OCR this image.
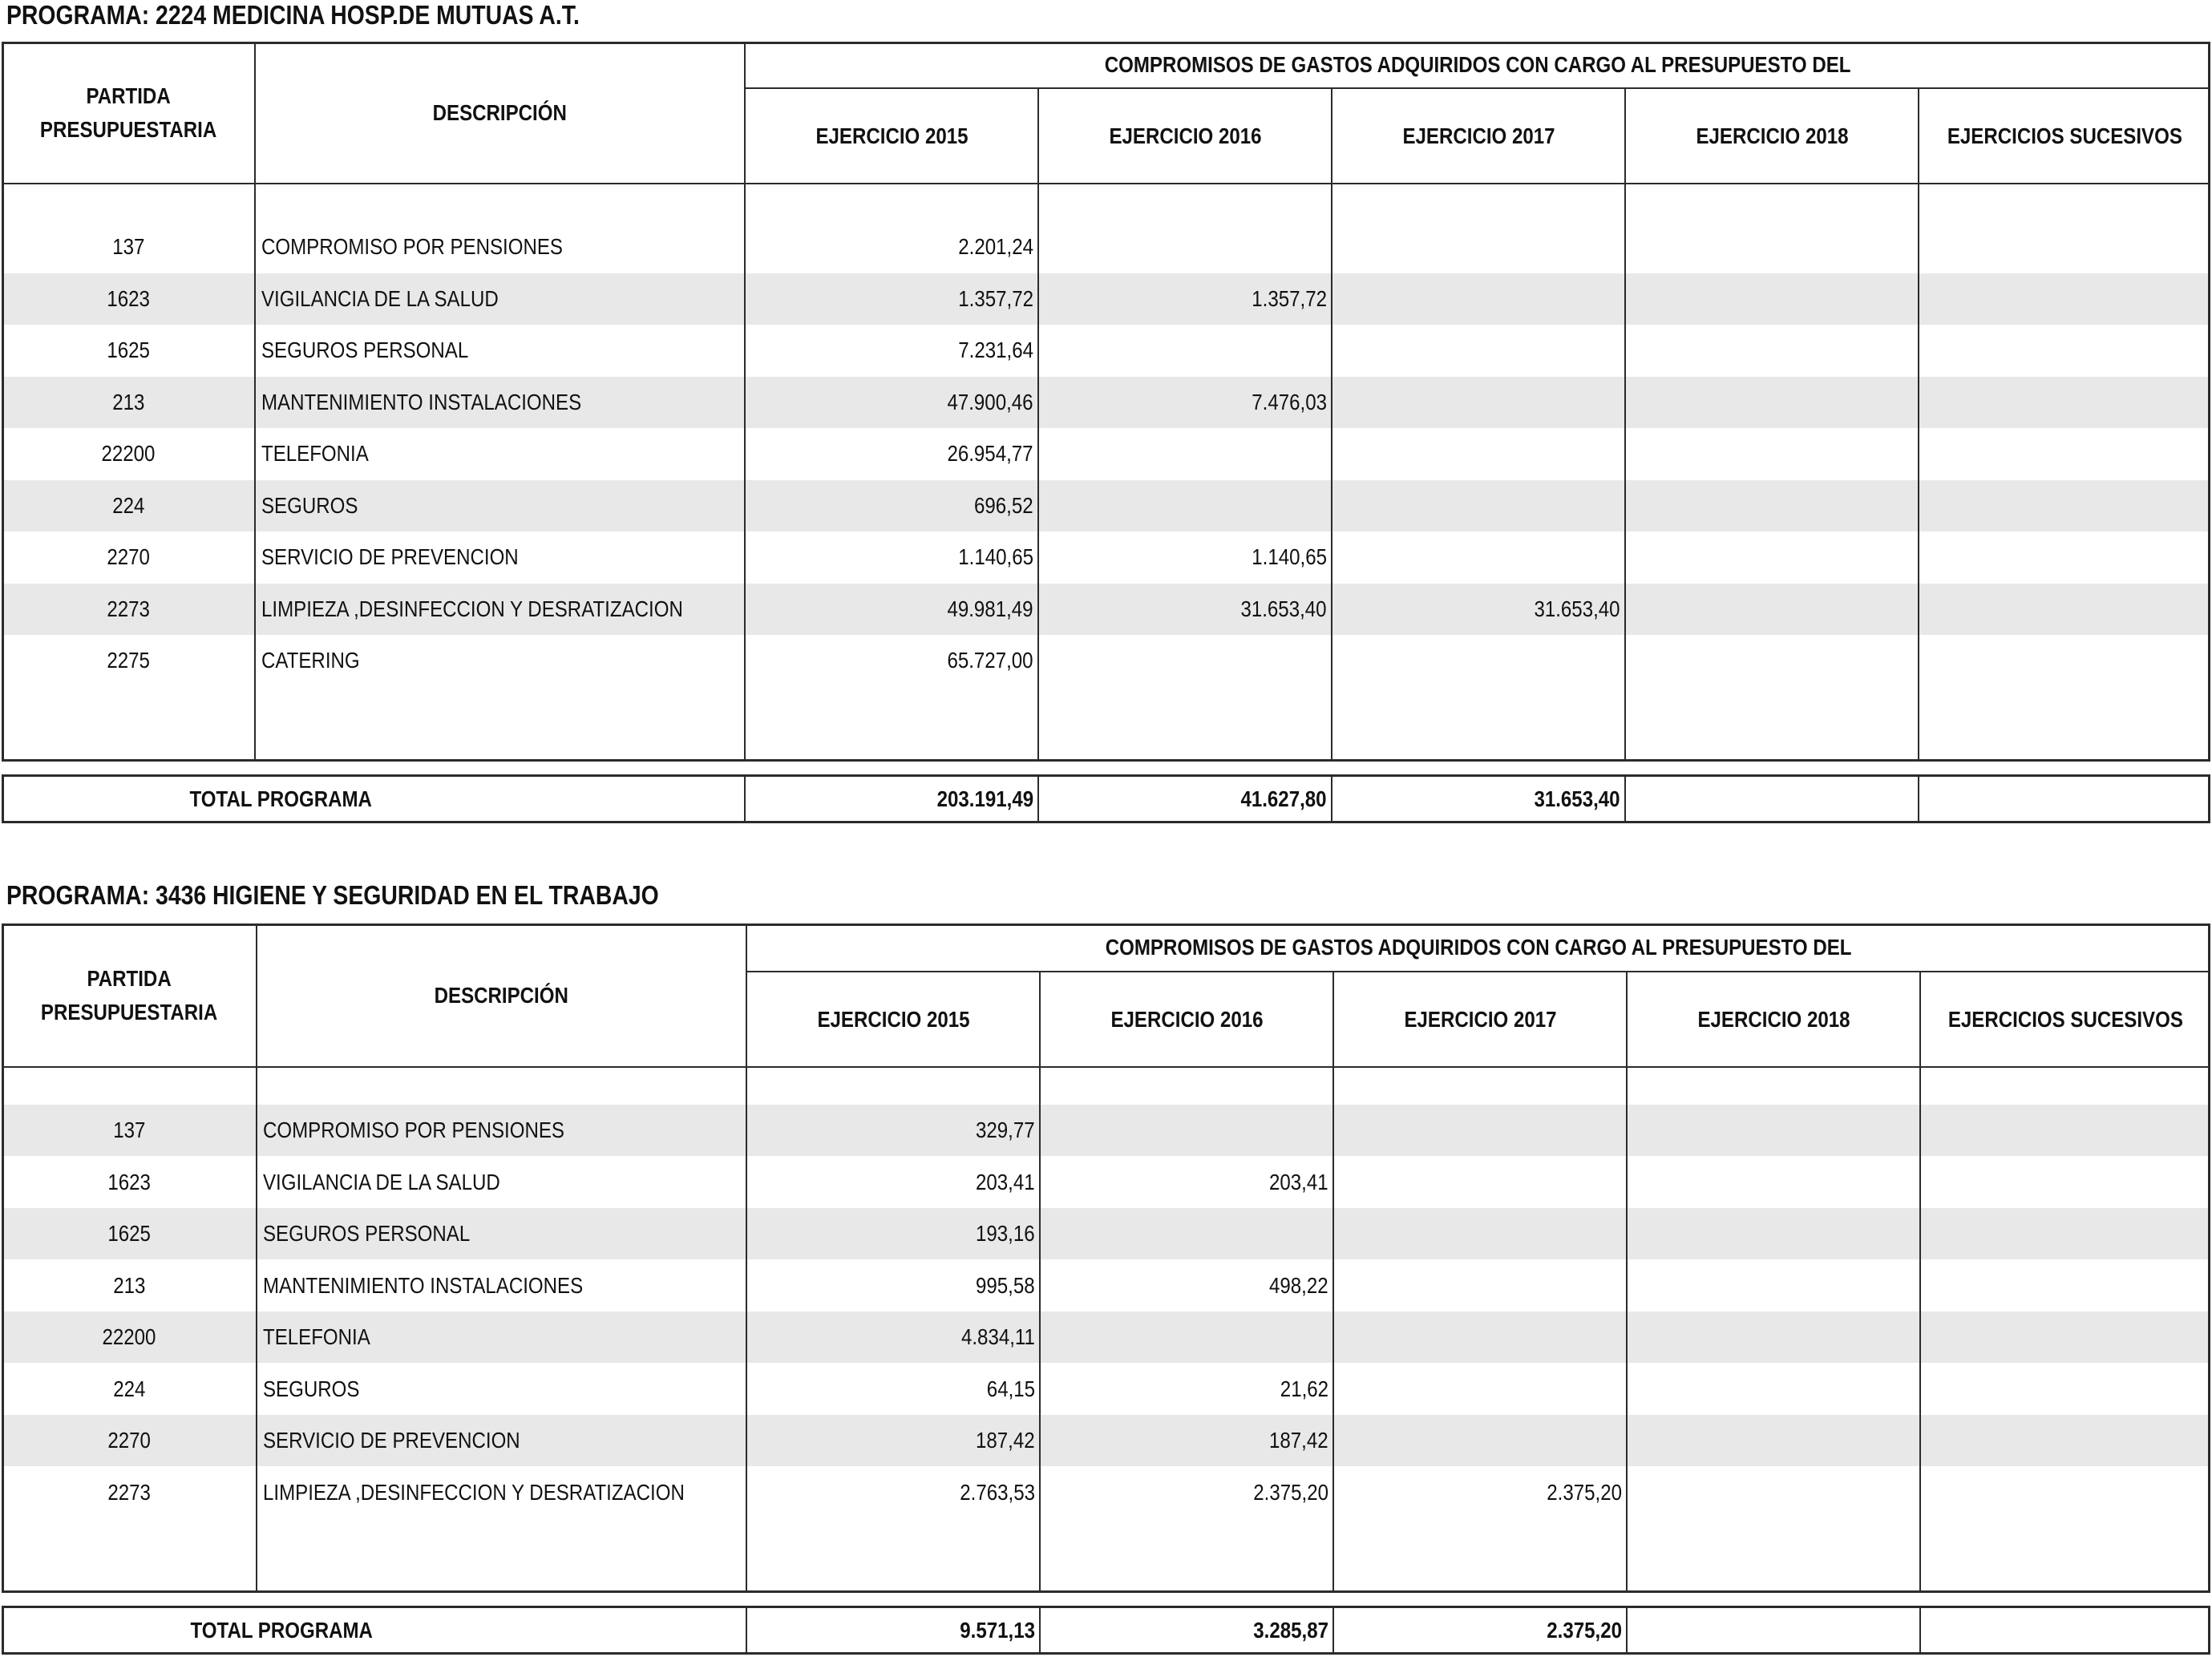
PROGRAMA: 2224 MEDICINA HOSP.DE MUTUAS A.T.
PARTIDA
PRESUPUESTARIA
DESCRIPCIÓN
COMPROMISOS DE GASTOS ADQUIRIDOS CON CARGO AL PRESUPUESTO DEL
EJERCICIO 2015	EJERCICIO 2016	EJERCICIO 2017	EJERCICIO 2018	EJERCICIOS SUCESIVOS
137	COMPROMISO POR PENSIONES	2.201,24
1623	VIGILANCIA DE LA SALUD	1.357,72	1.357,72
1625	SEGUROS PERSONAL	7.231,64
213	MANTENIMIENTO INSTALACIONES	47.900,46	7.476,03
22200	TELEFONIA	26.954,77
224	SEGUROS	696,52
2270	SERVICIO DE PREVENCION	1.140,65	1.140,65
2273	LIMPIEZA ,DESINFECCION Y DESRATIZACION	49.981,49	31.653,40	31.653,40
2275	CATERING	65.727,00
TOTAL PROGRAMA	203.191,49	41.627,80	31.653,40
PROGRAMA: 3436 HIGIENE Y SEGURIDAD EN EL TRABAJO
PARTIDA
PRESUPUESTARIA
DESCRIPCIÓN
COMPROMISOS DE GASTOS ADQUIRIDOS CON CARGO AL PRESUPUESTO DEL
EJERCICIO 2015	EJERCICIO 2016	EJERCICIO 2017	EJERCICIO 2018	EJERCICIOS SUCESIVOS
137	COMPROMISO POR PENSIONES	329,77
1623	VIGILANCIA DE LA SALUD	203,41	203,41
1625	SEGUROS PERSONAL	193,16
213	MANTENIMIENTO INSTALACIONES	995,58	498,22
22200	TELEFONIA	4.834,11
224	SEGUROS	64,15	21,62
2270	SERVICIO DE PREVENCION	187,42	187,42
2273	LIMPIEZA ,DESINFECCION Y DESRATIZACION	2.763,53	2.375,20	2.375,20
TOTAL PROGRAMA	9.571,13	3.285,87	2.375,20
